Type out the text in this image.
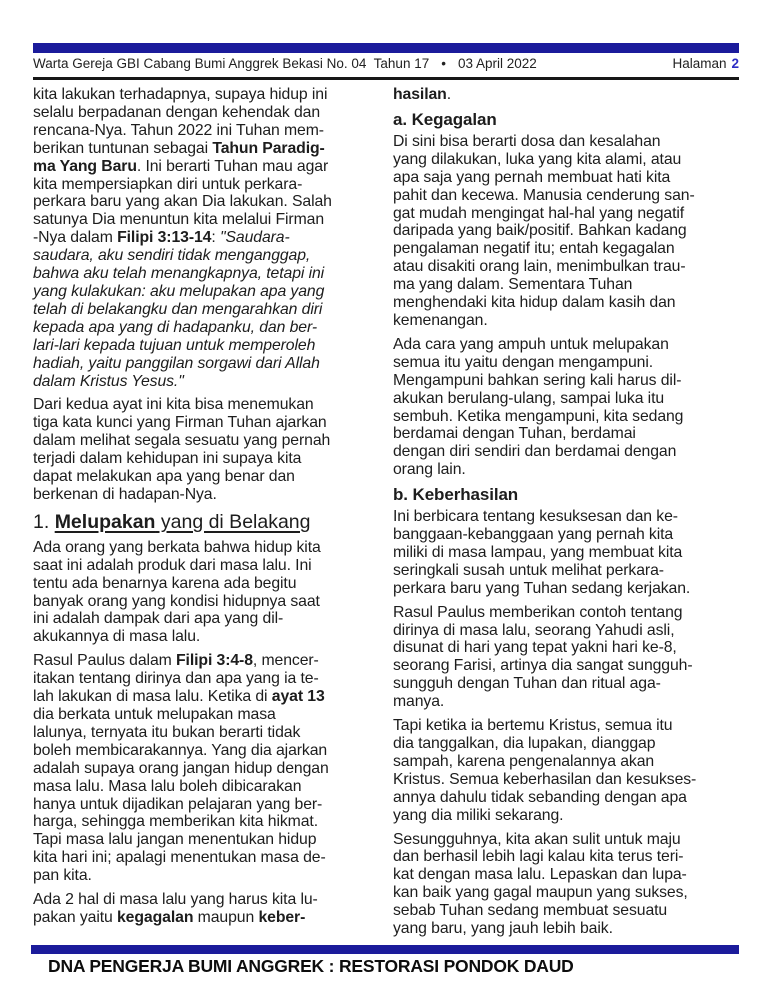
Warta Gereja GBI Cabang Bumi Anggrek Bekasi No. 04  Tahun 17 • 03 April 2022	Halaman 2
kita lakukan terhadapnya, supaya hidup ini
selalu berpadanan dengan kehendak dan
rencana-Nya. Tahun 2022 ini Tuhan mem-
berikan tuntunan sebagai Tahun Paradig-
ma Yang Baru. Ini berarti Tuhan mau agar
kita mempersiapkan diri untuk perkara-
perkara baru yang akan Dia lakukan. Salah
satunya Dia menuntun kita melalui Firman
-Nya dalam Filipi 3:13-14: "Saudara-
saudara, aku sendiri tidak menganggap,
bahwa aku telah menangkapnya, tetapi ini
yang kulakukan: aku melupakan apa yang
telah di belakangku dan mengarahkan diri
kepada apa yang di hadapanku, dan ber-
lari-lari kepada tujuan untuk memperoleh
hadiah, yaitu panggilan sorgawi dari Allah
dalam Kristus Yesus."
Dari kedua ayat ini kita bisa menemukan
tiga kata kunci yang Firman Tuhan ajarkan
dalam melihat segala sesuatu yang pernah
terjadi dalam kehidupan ini supaya kita
dapat melakukan apa yang benar dan
berkenan di hadapan-Nya.
1. Melupakan yang di Belakang
Ada orang yang berkata bahwa hidup kita
saat ini adalah produk dari masa lalu. Ini
tentu ada benarnya karena ada begitu
banyak orang yang kondisi hidupnya saat
ini adalah dampak dari apa yang dil-
akukannya di masa lalu.
Rasul Paulus dalam Filipi 3:4-8, mencer-
itakan tentang dirinya dan apa yang ia te-
lah lakukan di masa lalu. Ketika di ayat 13
dia berkata untuk melupakan masa
lalunya, ternyata itu bukan berarti tidak
boleh membicarakannya. Yang dia ajarkan
adalah supaya orang jangan hidup dengan
masa lalu. Masa lalu boleh dibicarakan
hanya untuk dijadikan pelajaran yang ber-
harga, sehingga memberikan kita hikmat.
Tapi masa lalu jangan menentukan hidup
kita hari ini; apalagi menentukan masa de-
pan kita.
Ada 2 hal di masa lalu yang harus kita lu-
pakan yaitu kegagalan maupun keber-
hasilan.
a. Kegagalan
Di sini bisa berarti dosa dan kesalahan
yang dilakukan, luka yang kita alami, atau
apa saja yang pernah membuat hati kita
pahit dan kecewa. Manusia cenderung san-
gat mudah mengingat hal-hal yang negatif
daripada yang baik/positif. Bahkan kadang
pengalaman negatif itu; entah kegagalan
atau disakiti orang lain, menimbulkan trau-
ma yang dalam. Sementara Tuhan
menghendaki kita hidup dalam kasih dan
kemenangan.
Ada cara yang ampuh untuk melupakan
semua itu yaitu dengan mengampuni.
Mengampuni bahkan sering kali harus dil-
akukan berulang-ulang, sampai luka itu
sembuh. Ketika mengampuni, kita sedang
berdamai dengan Tuhan, berdamai
dengan diri sendiri dan berdamai dengan
orang lain.
b. Keberhasilan
Ini berbicara tentang kesuksesan dan ke-
banggaan-kebanggaan yang pernah kita
miliki di masa lampau, yang membuat kita
seringkali susah untuk melihat perkara-
perkara baru yang Tuhan sedang kerjakan.
Rasul Paulus memberikan contoh tentang
dirinya di masa lalu, seorang Yahudi asli,
disunat di hari yang tepat yakni hari ke-8,
seorang Farisi, artinya dia sangat sungguh-
sungguh dengan Tuhan dan ritual aga-
manya.
Tapi ketika ia bertemu Kristus, semua itu
dia tanggalkan, dia lupakan, dianggap
sampah, karena pengenalannya akan
Kristus. Semua keberhasilan dan kesukses-
annya dahulu tidak sebanding dengan apa
yang dia miliki sekarang.
Sesungguhnya, kita akan sulit untuk maju
dan berhasil lebih lagi kalau kita terus teri-
kat dengan masa lalu. Lepaskan dan lupa-
kan baik yang gagal maupun yang sukses,
sebab Tuhan sedang membuat sesuatu
yang baru, yang jauh lebih baik.
DNA PENGERJA BUMI ANGGREK : RESTORASI PONDOK DAUD
